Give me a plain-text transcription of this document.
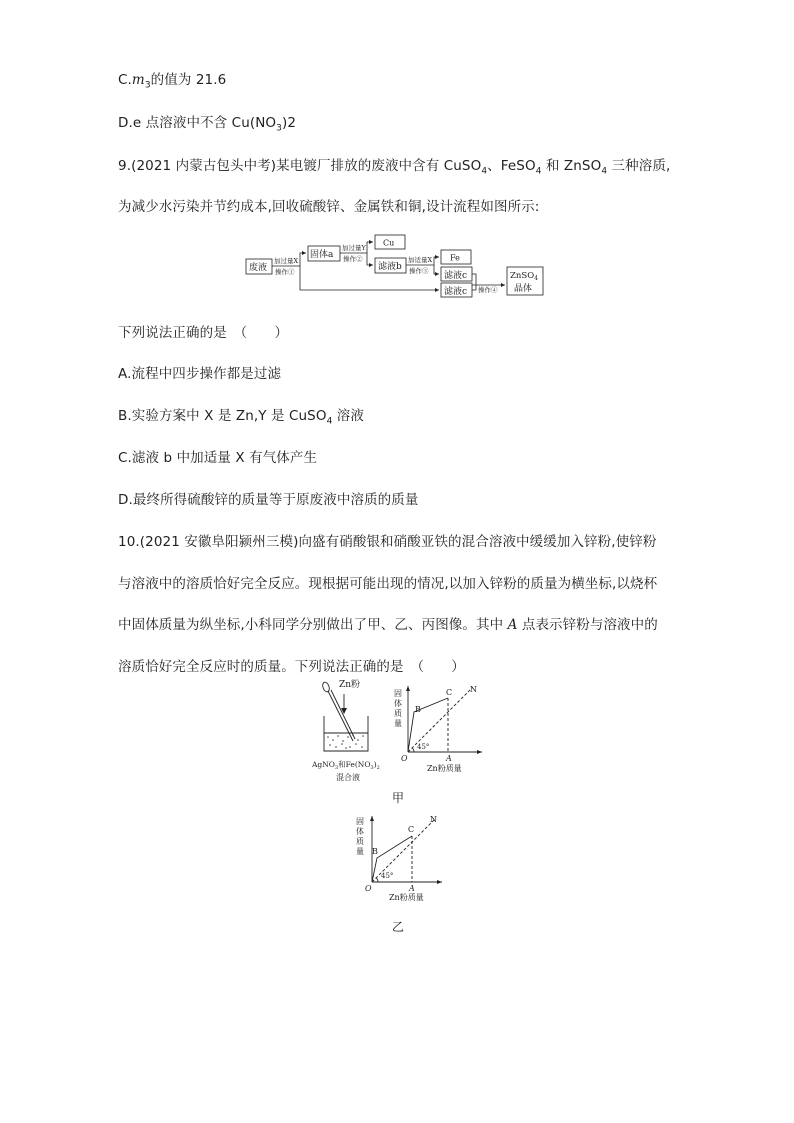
$C.m_3$的值为 21.6
D.e 点溶液中不含 $Cu(NO_3)2$
9.(2021 内蒙古包头中考)某电镀厂排放的废液中含有 CuSO$_4$、FeSO$_4$ 和 ZnSO$_4$ 三种溶质,
为减少水污染并节约成本,回收硫酸锌、金属铁和铜,设计流程如图所示:
废液
固体a
Cu
滤液b
Fe
滤液c
滤液c
ZnSO$_4$
晶体
加过量X
操作①
加过量Y
操作②	加适量X
操作③
操作④
下列说法正确的是　（　　）
A.流程中四步操作都是过滤
B.实验方案中 X 是 Zn,Y 是 CuSO$_4$ 溶液
C.滤液 b 中加适量 X 有气体产生
D.最终所得硫酸锌的质量等于原废液中溶质的质量
10.(2021 安徽阜阳颍州三模)向盛有硝酸银和硝酸亚铁的混合溶液中缓缓加入锌粉,使锌粉
与溶液中的溶质恰好完全反应。现根据可能出现的情况,以加入锌粉的质量为横坐标,以烧杯
中固体质量为纵坐标,小科同学分别做出了甲、乙、丙图像。其中 A 点表示锌粉与溶液中的
溶质恰好完全反应时的质量。下列说法正确的是　（　　）
Zn粉
AgNO$_3$和$Fe(NO_3)_2$
混合液
固
体
质
量
B
C N
O	A
45°
Zn粉质量
甲
固
体
质
量 B
C
N
O	A
45°
Zn粉质量
乙
